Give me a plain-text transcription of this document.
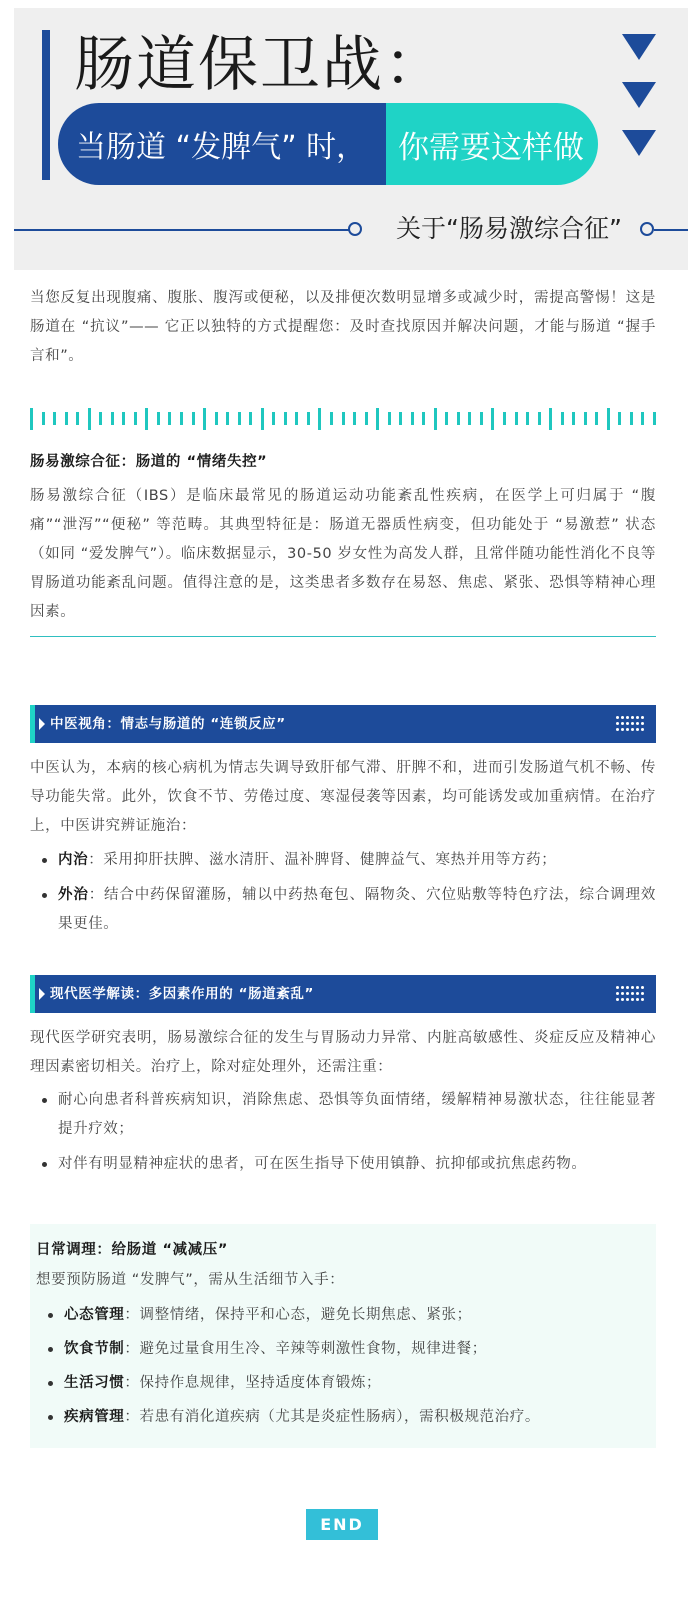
肠道保卫战：
当肠道 “发脾气” 时，	你需要这样做
关于“肠易激综合征”

当您反复出现腹痛、腹胀、腹泻或便秘，以及排便次数明显增多或减少时，需提高警惕！这是肠道在 “抗议”—— 它正以独特的方式提醒您：及时查找原因并解决问题，才能与肠道 “握手言和”。

肠易激综合征：肠道的 “情绪失控”

肠易激综合征（IBS）是临床最常见的肠道运动功能紊乱性疾病，在医学上可归属于 “腹痛”“泄泻”“便秘” 等范畴。其典型特征是：肠道无器质性病变，但功能处于 “易激惹” 状态（如同 “爱发脾气”）。临床数据显示，30-50 岁女性为高发人群，且常伴随功能性消化不良等胃肠道功能紊乱问题。值得注意的是，这类患者多数存在易怒、焦虑、紧张、恐惧等精神心理因素。

中医视角：情志与肠道的 “连锁反应”

中医认为，本病的核心病机为情志失调导致肝郁气滞、肝脾不和，进而引发肠道气机不畅、传导功能失常。此外，饮食不节、劳倦过度、寒湿侵袭等因素，均可能诱发或加重病情。在治疗上，中医讲究辨证施治：

内治：采用抑肝扶脾、滋水清肝、温补脾肾、健脾益气、寒热并用等方药；
外治：结合中药保留灌肠，辅以中药热奄包、隔物灸、穴位贴敷等特色疗法，综合调理效果更佳。
现代医学解读：多因素作用的 “肠道紊乱”

现代医学研究表明，肠易激综合征的发生与胃肠动力异常、内脏高敏感性、炎症反应及精神心理因素密切相关。治疗上，除对症处理外，还需注重：

耐心向患者科普疾病知识，消除焦虑、恐惧等负面情绪，缓解精神易激状态，往往能显著提升疗效；
对伴有明显精神症状的患者，可在医生指导下使用镇静、抗抑郁或抗焦虑药物。
日常调理：给肠道 “减减压”
想要预防肠道 “发脾气”，需从生活细节入手：
心态管理：调整情绪，保持平和心态，避免长期焦虑、紧张；
饮食节制：避免过量食用生冷、辛辣等刺激性食物，规律进餐；
生活习惯：保持作息规律，坚持适度体育锻炼；
疾病管理：若患有消化道疾病（尤其是炎症性肠病），需积极规范治疗。
END
